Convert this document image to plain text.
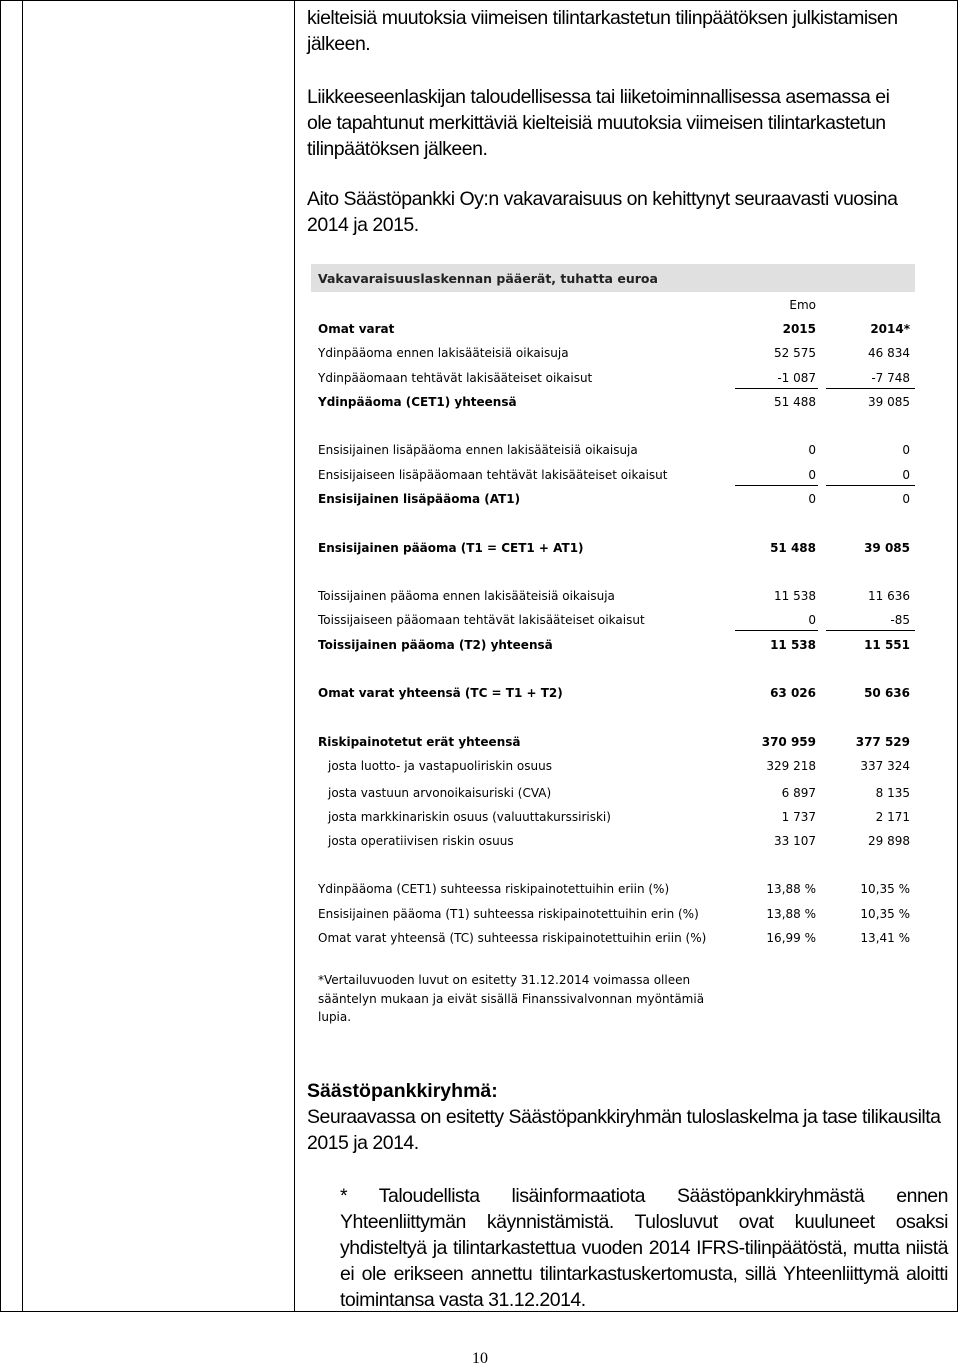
kielteisiä muutoksia viimeisen tilintarkastetun tilinpäätöksen julkistamisen jälkeen.

Liikkeeseenlaskijan taloudellisessa tai liiketoiminnallisessa asemassa ei ole tapahtunut merkittäviä kielteisiä muutoksia viimeisen tilintarkastetun tilinpäätöksen jälkeen.

Aito Säästöpankki Oy:n vakavaraisuus on kehittynyt seuraavasti vuosina 2014 ja 2015.

Vakavaraisuuslaskennan pääerät, tuhatta euroa
Emo
Omat varat	2015	2014*
Ydinpääoma ennen lakisääteisiä oikaisuja	52 575	46 834
Ydinpääomaan tehtävät lakisääteiset oikaisut	-1 087	-7 748
Ydinpääoma (CET1) yhteensä	51 488	39 085
Ensisijainen lisäpääoma ennen lakisääteisiä oikaisuja	0	0
Ensisijaiseen lisäpääomaan tehtävät lakisääteiset oikaisut	0	0
Ensisijainen lisäpääoma (AT1)	0	0
Ensisijainen pääoma (T1 = CET1 + AT1)	51 488	39 085
Toissijainen pääoma ennen lakisääteisiä oikaisuja	11 538	11 636
Toissijaiseen pääomaan tehtävät lakisääteiset oikaisut	0	-85
Toissijainen pääoma (T2) yhteensä	11 538	11 551
Omat varat yhteensä (TC = T1 + T2)	63 026	50 636
Riskipainotetut erät yhteensä	370 959	377 529
josta luotto- ja vastapuoliriskin osuus	329 218	337 324
josta vastuun arvonoikaisuriski (CVA)	6 897	8 135
josta markkinariskin osuus (valuuttakurssiriski)	1 737	2 171
josta operatiivisen riskin osuus	33 107	29 898
Ydinpääoma (CET1) suhteessa riskipainotettuihin eriin (%)	13,88 %	10,35 %
Ensisijainen pääoma (T1) suhteessa riskipainotettuihin erin (%)	13,88 %	10,35 %
Omat varat yhteensä (TC) suhteessa riskipainotettuihin eriin (%)	16,99 %	13,41 %
*Vertailuvuoden luvut on esitetty 31.12.2014 voimassa olleen sääntelyn mukaan ja eivät sisällä Finanssivalvonnan myöntämiä lupia.
Säästöpankkiryhmä:
Seuraavassa on esitetty Säästöpankkiryhmän tuloslaskelma ja tase tilikausilta 2015 ja 2014.
* Taloudellista lisäinformaatiota Säästöpankkiryhmästä ennen Yhteenliittymän käynnistämistä. Tulosluvut ovat kuuluneet osaksi yhdisteltyä ja tilintarkastettua vuoden 2014 IFRS-tilinpäätöstä, mutta niistä ei ole erikseen annettu tilintarkastuskertomusta, sillä Yhteenliittymä aloitti toimintansa vasta 31.12.2014.
10
